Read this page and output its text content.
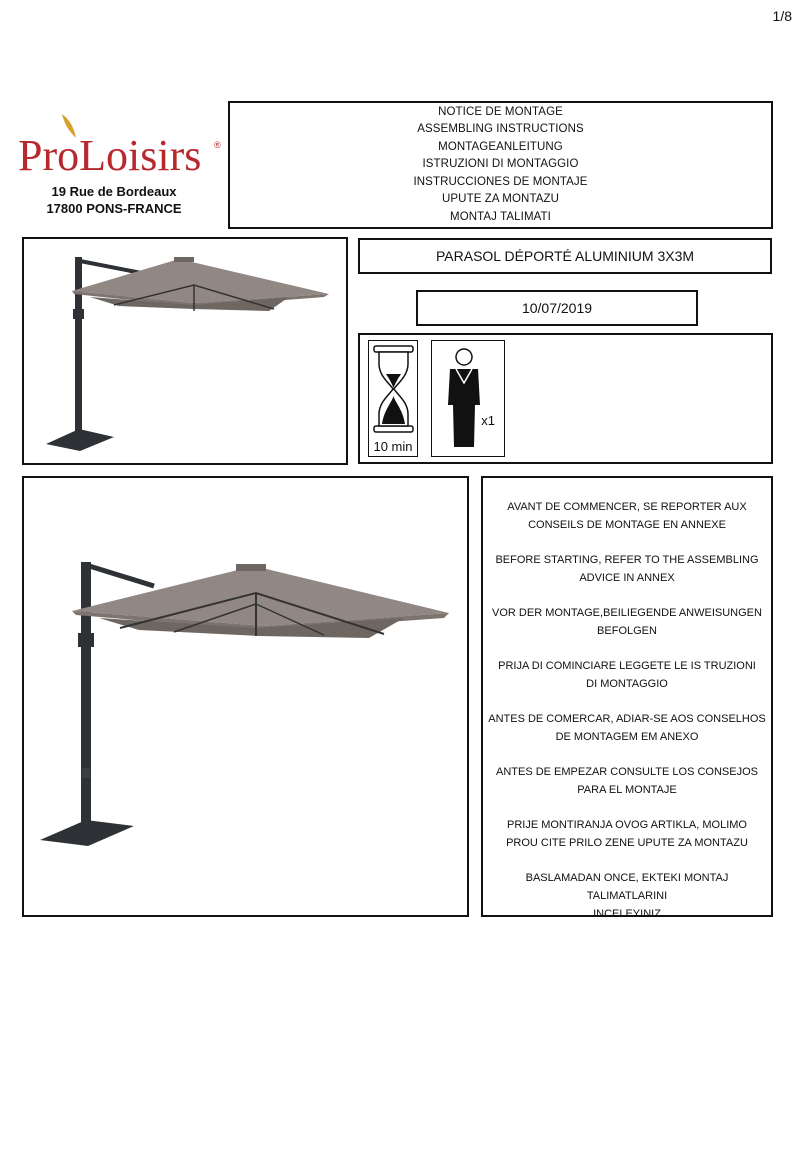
1/8
ProLoisirs ®
19 Rue de Bordeaux
17800 PONS-FRANCE
NOTICE DE MONTAGE
ASSEMBLING INSTRUCTIONS
MONTAGEANLEITUNG
ISTRUZIONI DI MONTAGGIO
INSTRUCCIONES DE MONTAJE
UPUTE ZA MONTAZU
MONTAJ TALIMATI
PARASOL DÉPORTÉ ALUMINIUM 3X3M
10/07/2019
10 min
x1
AVANT DE COMMENCER, SE REPORTER AUX
CONSEILS DE MONTAGE EN ANNEXE
BEFORE STARTING, REFER TO THE ASSEMBLING
ADVICE IN ANNEX
VOR DER MONTAGE,BEILIEGENDE ANWEISUNGEN
BEFOLGEN
PRIJA DI COMINCIARE LEGGETE LE IS TRUZIONI
DI MONTAGGIO
ANTES DE COMERCAR, ADIAR-SE AOS CONSELHOS
DE MONTAGEM EM ANEXO
ANTES DE EMPEZAR CONSULTE LOS CONSEJOS
PARA EL MONTAJE
PRIJE MONTIRANJA OVOG ARTIKLA, MOLIMO
PROU CITE PRILO ZENE UPUTE ZA MONTAZU
BASLAMADAN ONCE, EKTEKI MONTAJ TALIMATLARINI
INCELEYINIZ
